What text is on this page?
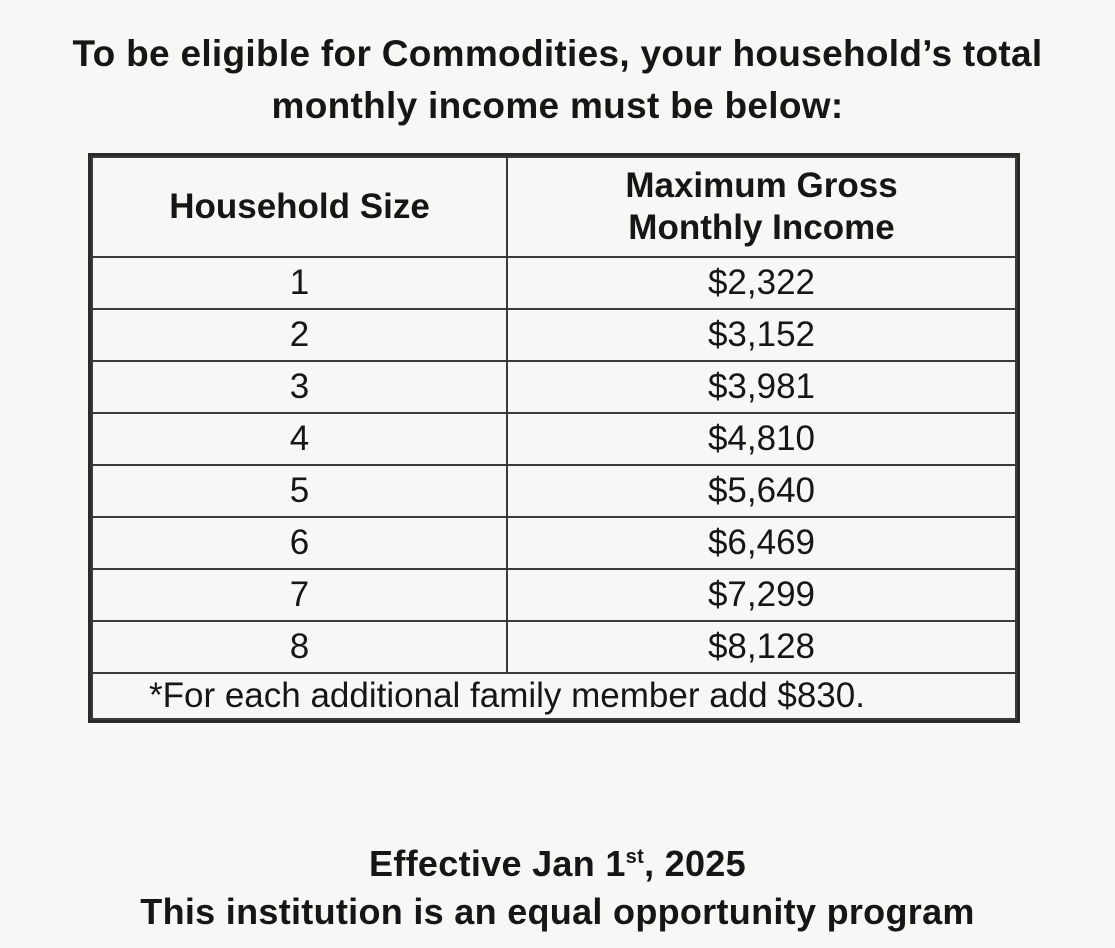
To be eligible for Commodities, your household’s total
monthly income must be below:
Household Size	Maximum Gross
Monthly Income

1	$2,322
2	$3,152
3	$3,981
4	$4,810
5	$5,640
6	$6,469
7	$7,299
8	$8,128
*For each additional family member add $830.	
Effective Jan 1st, 2025
This institution is an equal opportunity program
